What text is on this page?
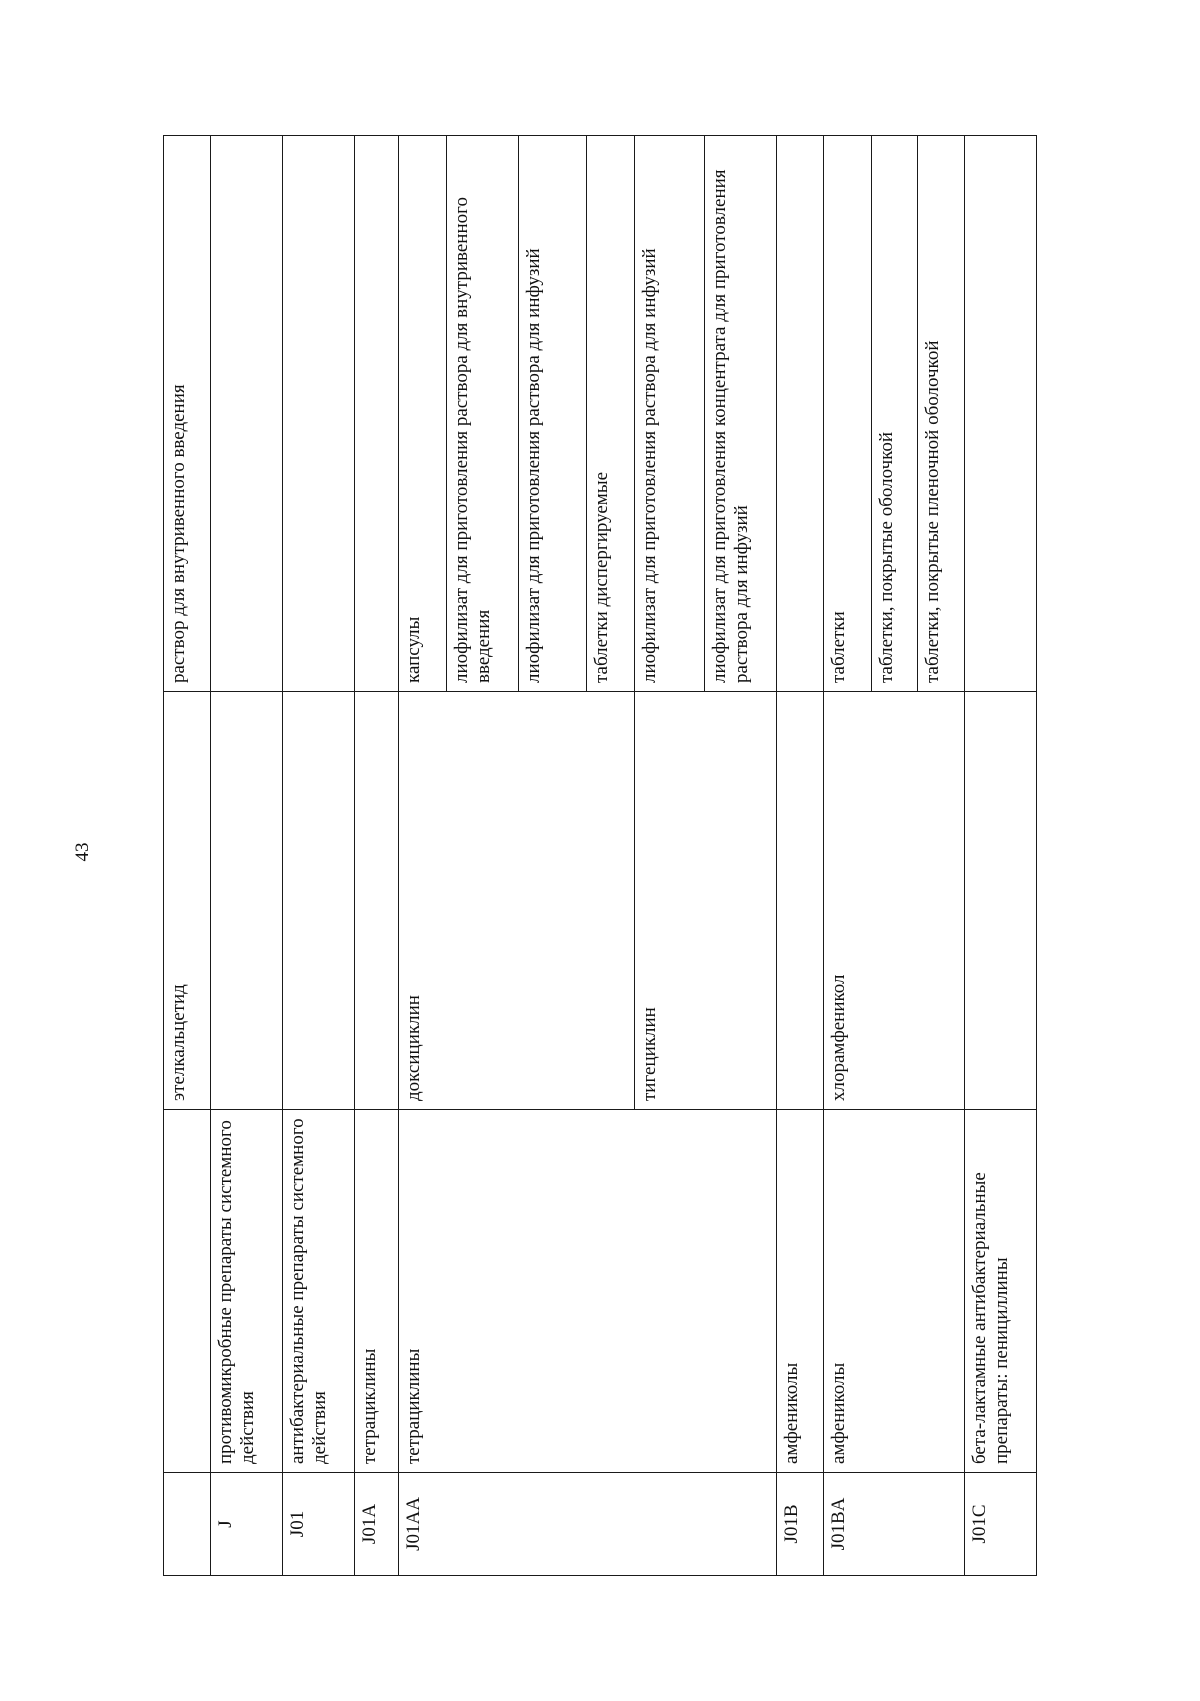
43
		этелкальцетид	раствор для внутривенного введения
J	противомикробные препараты системного действия		
J01	антибактериальные препараты системного действия		
J01A	тетрациклины		
J01AA	тетрациклины	доксициклин	капсулы
			лиофилизат для приготовления раствора для внутривенного введения
			лиофилизат для приготовления раствора для инфузий
			таблетки диспергируемые
		тигециклин	лиофилизат для приготовления раствора для инфузий
			лиофилизат для приготовления концентрата для приготовления раствора для инфузий
J01B	амфениколы		
J01BA	амфениколы	хлорамфеникол	таблетки
			таблетки, покрытые оболочкой
			таблетки, покрытые пленочной оболочкой
J01C	бета-лактамные антибактериальные препараты: пенициллины		
